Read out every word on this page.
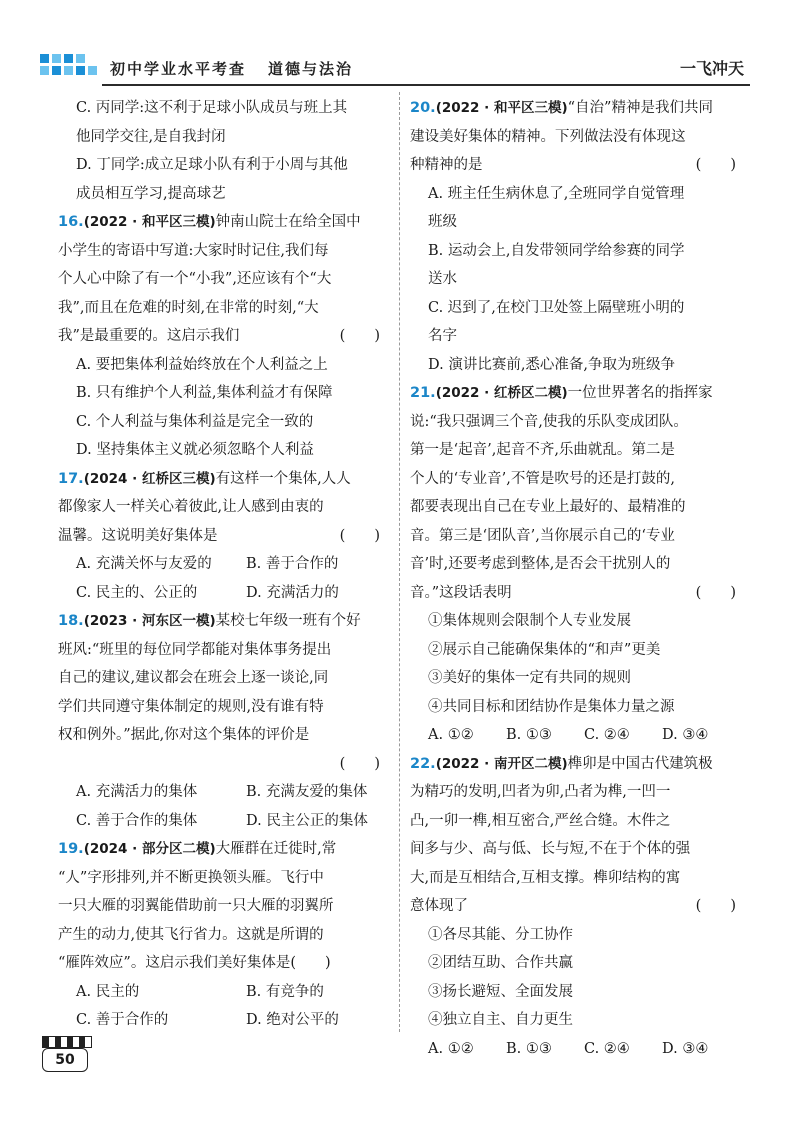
初中学业水平考查 道德与法治	一飞冲天
C. 丙同学:这不利于足球小队成员与班上其
他同学交往,是自我封闭
D. 丁同学:成立足球小队有利于小周与其他
成员相互学习,提高球艺
16.(2022 · 和平区三模)钟南山院士在给全国中
小学生的寄语中写道:大家时时记住,我们每
个人心中除了有一个“小我”,还应该有个“大
我”,而且在危难的时刻,在非常的时刻,“大
我”是最重要的。这启示我们	(　　)
A. 要把集体利益始终放在个人利益之上
B. 只有维护个人利益,集体利益才有保障
C. 个人利益与集体利益是完全一致的
D. 坚持集体主义就必须忽略个人利益
17.(2024 · 红桥区三模)有这样一个集体,人人
都像家人一样关心着彼此,让人感到由衷的
温馨。这说明美好集体是	(　　)
A. 充满关怀与友爱的	B. 善于合作的
C. 民主的、公正的	D. 充满活力的
18.(2023 · 河东区一模)某校七年级一班有个好
班风:“班里的每位同学都能对集体事务提出
自己的建议,建议都会在班会上逐一谈论,同
学们共同遵守集体制定的规则,没有谁有特
权和例外。”据此,你对这个集体的评价是
(　　)

A. 充满活力的集体	B. 充满友爱的集体
C. 善于合作的集体	D. 民主公正的集体
19.(2024 · 部分区二模)大雁群在迁徙时,常
“人”字形排列,并不断更换领头雁。飞行中
一只大雁的羽翼能借助前一只大雁的羽翼所
产生的动力,使其飞行省力。这就是所谓的
“雁阵效应”。这启示我们美好集体是(　　)
A. 民主的	B. 有竞争的
C. 善于合作的	D. 绝对公平的
20.(2022 · 和平区三模)“自治”精神是我们共同
建设美好集体的精神。下列做法没有体现这
种精神的是	(　　)
A. 班主任生病休息了,全班同学自觉管理
班级
B. 运动会上,自发带领同学给参赛的同学
送水
C. 迟到了,在校门卫处签上隔壁班小明的
名字
D. 演讲比赛前,悉心准备,争取为班级争
21.(2022 · 红桥区二模)一位世界著名的指挥家
说:“我只强调三个音,使我的乐队变成团队。
第一是‘起音’,起音不齐,乐曲就乱。第二是
个人的‘专业音’,不管是吹号的还是打鼓的,
都要表现出自己在专业上最好的、最精准的
音。第三是‘团队音’,当你展示自己的‘专业
音’时,还要考虑到整体,是否会干扰别人的
音。”这段话表明	(　　)
①集体规则会限制个人专业发展
②展示自己能确保集体的“和声”更美
③美好的集体一定有共同的规则
④共同目标和团结协作是集体力量之源
A. ①②	B. ①③	C. ②④	D. ③④
22.(2022 · 南开区二模)榫卯是中国古代建筑极
为精巧的发明,凹者为卯,凸者为榫,一凹一
凸,一卯一榫,相互密合,严丝合缝。木件之
间多与少、高与低、长与短,不在于个体的强
大,而是互相结合,互相支撑。榫卯结构的寓
意体现了	(　　)
①各尽其能、分工协作
②团结互助、合作共赢
③扬长避短、全面发展
④独立自主、自力更生
A. ①②	B. ①③	C. ②④	D. ③④
50
